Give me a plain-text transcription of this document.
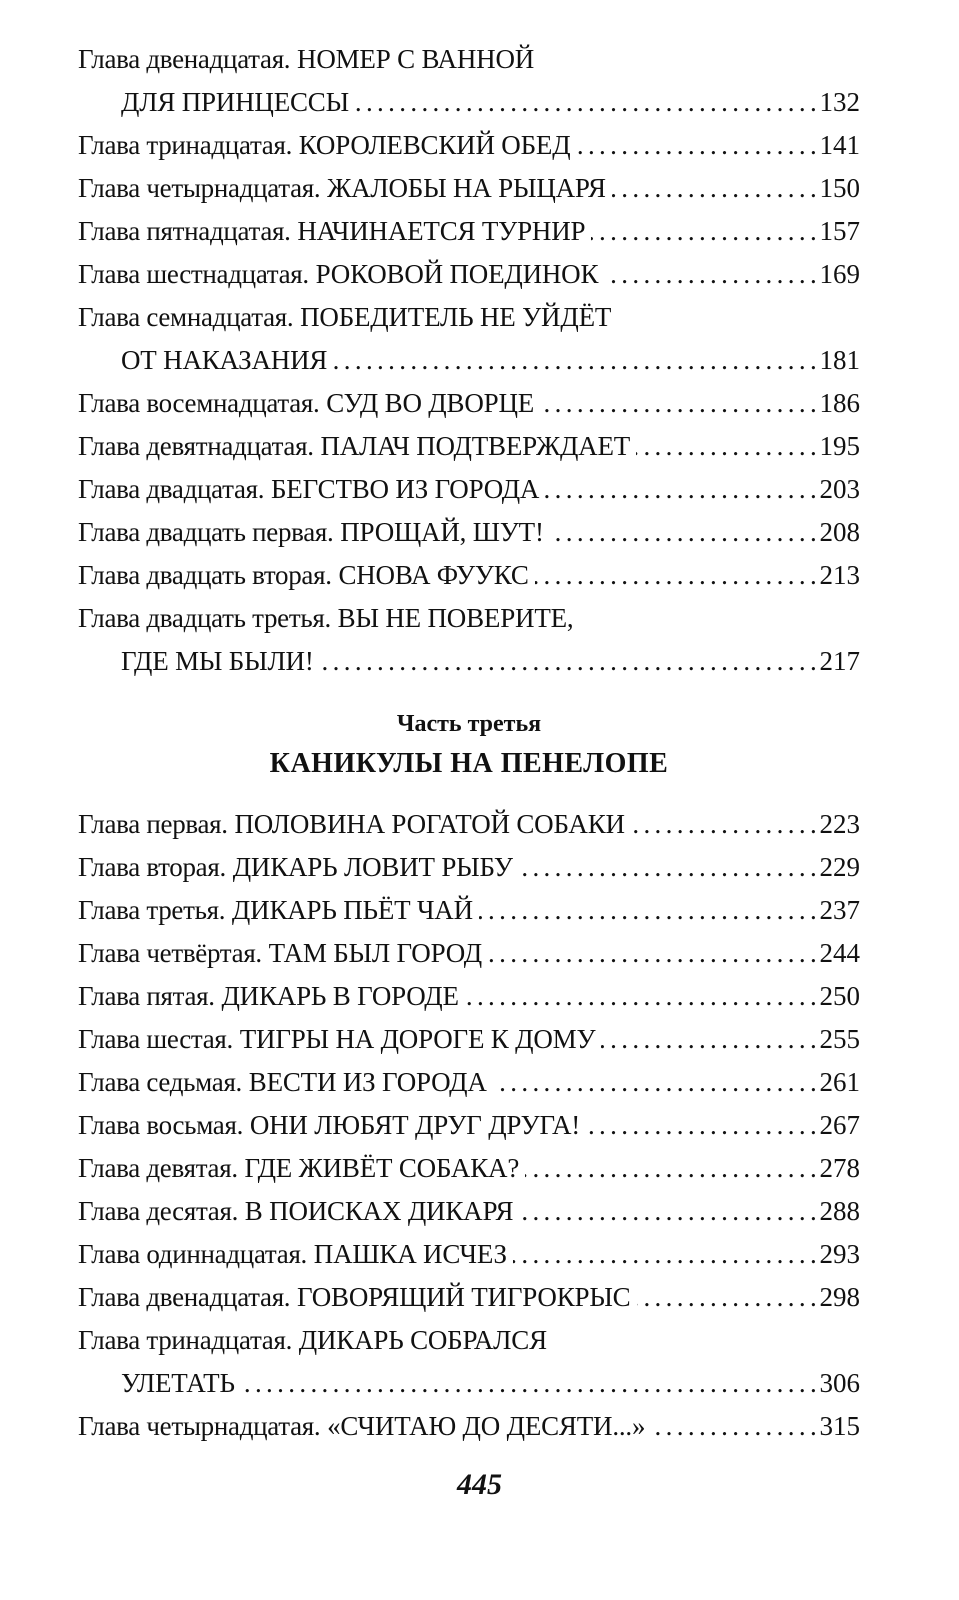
Глава двенадцатая. НОМЕР С ВАННОЙ
ДЛЯ ПРИНЦЕССЫ . . .	132
Глава тринадцатая. КОРОЛЕВСКИЙ ОБЕД . . .	141
Глава четырнадцатая. ЖАЛОБЫ НА РЫЦАРЯ . . .	150
Глава пятнадцатая. НАЧИНАЕТСЯ ТУРНИР . . .	157
Глава шестнадцатая. РОКОВОЙ ПОЕДИНОК . . .	169
Глава семнадцатая. ПОБЕДИТЕЛЬ НЕ УЙДЁТ
ОТ НАКАЗАНИЯ . . .	181
Глава восемнадцатая. СУД ВО ДВОРЦЕ . . .	186
Глава девятнадцатая. ПАЛАЧ ПОДТВЕРЖДАЕТ . . .	195
Глава двадцатая. БЕГСТВО ИЗ ГОРОДА . . .	203
Глава двадцать первая. ПРОЩАЙ, ШУТ! . . .	208
Глава двадцать вторая. СНОВА ФУУКС . . .	213
Глава двадцать третья. ВЫ НЕ ПОВЕРИТЕ,
ГДЕ МЫ БЫЛИ! . . .	217
Часть третья
КАНИКУЛЫ НА ПЕНЕЛОПЕ
Глава первая. ПОЛОВИНА РОГАТОЙ СОБАКИ . . .	223
Глава вторая. ДИКАРЬ ЛОВИТ РЫБУ . . .	229
Глава третья. ДИКАРЬ ПЬЁТ ЧАЙ . . .	237
Глава четвёртая. ТАМ БЫЛ ГОРОД . . .	244
Глава пятая. ДИКАРЬ В ГОРОДЕ . . .	250
Глава шестая. ТИГРЫ НА ДОРОГЕ К ДОМУ . . .	255
Глава седьмая. ВЕСТИ ИЗ ГОРОДА . . .	261
Глава восьмая. ОНИ ЛЮБЯТ ДРУГ ДРУГА! . . .	267
Глава девятая. ГДЕ ЖИВЁТ СОБАКА? . . .	278
Глава десятая. В ПОИСКАХ ДИКАРЯ . . .	288
Глава одиннадцатая. ПАШКА ИСЧЕЗ . . .	293
Глава двенадцатая. ГОВОРЯЩИЙ ТИГРОКРЫС . . .	298
Глава тринадцатая. ДИКАРЬ СОБРАЛСЯ
УЛЕТАТЬ . . .	306
Глава четырнадцатая. «СЧИТАЮ ДО ДЕСЯТИ...» . . .	315
445
